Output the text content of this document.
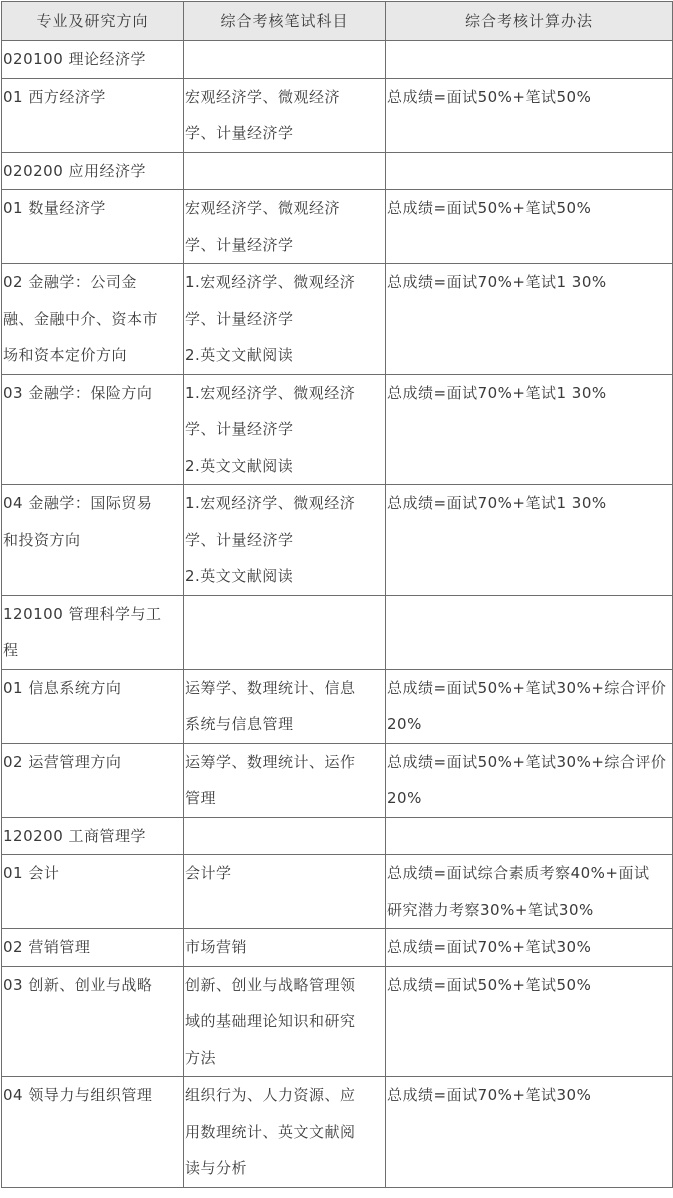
专业及研究方向	综合考核笔试科目	综合考核计算办法

020100 理论经济学		

01 西方经济学	宏观经济学、微观经济
学、计量经济学	总成绩=面试50%+笔试50%

020200 应用经济学		

01 数量经济学	宏观经济学、微观经济
学、计量经济学	总成绩=面试50%+笔试50%

02 金融学：公司金
融、金融中介、资本市
场和资本定价方向	1.宏观经济学、微观经济
学、计量经济学
2.英文文献阅读	总成绩=面试70%+笔试1 30%

03 金融学：保险方向	1.宏观经济学、微观经济
学、计量经济学
2.英文文献阅读	总成绩=面试70%+笔试1 30%

04 金融学：国际贸易
和投资方向	1.宏观经济学、微观经济
学、计量经济学
2.英文文献阅读	总成绩=面试70%+笔试1 30%

120100 管理科学与工
程		

01 信息系统方向	运筹学、数理统计、信息
系统与信息管理	总成绩=面试50%+笔试30%+综合评价
20%

02 运营管理方向	运筹学、数理统计、运作
管理	总成绩=面试50%+笔试30%+综合评价
20%

120200 工商管理学		

01 会计	会计学	总成绩=面试综合素质考察40%+面试
研究潜力考察30%+笔试30%

02 营销管理	市场营销	总成绩=面试70%+笔试30%

03 创新、创业与战略	创新、创业与战略管理领
域的基础理论知识和研究
方法	总成绩=面试50%+笔试50%

04 领导力与组织管理	组织行为、人力资源、应
用数理统计、英文文献阅
读与分析	总成绩=面试70%+笔试30%
